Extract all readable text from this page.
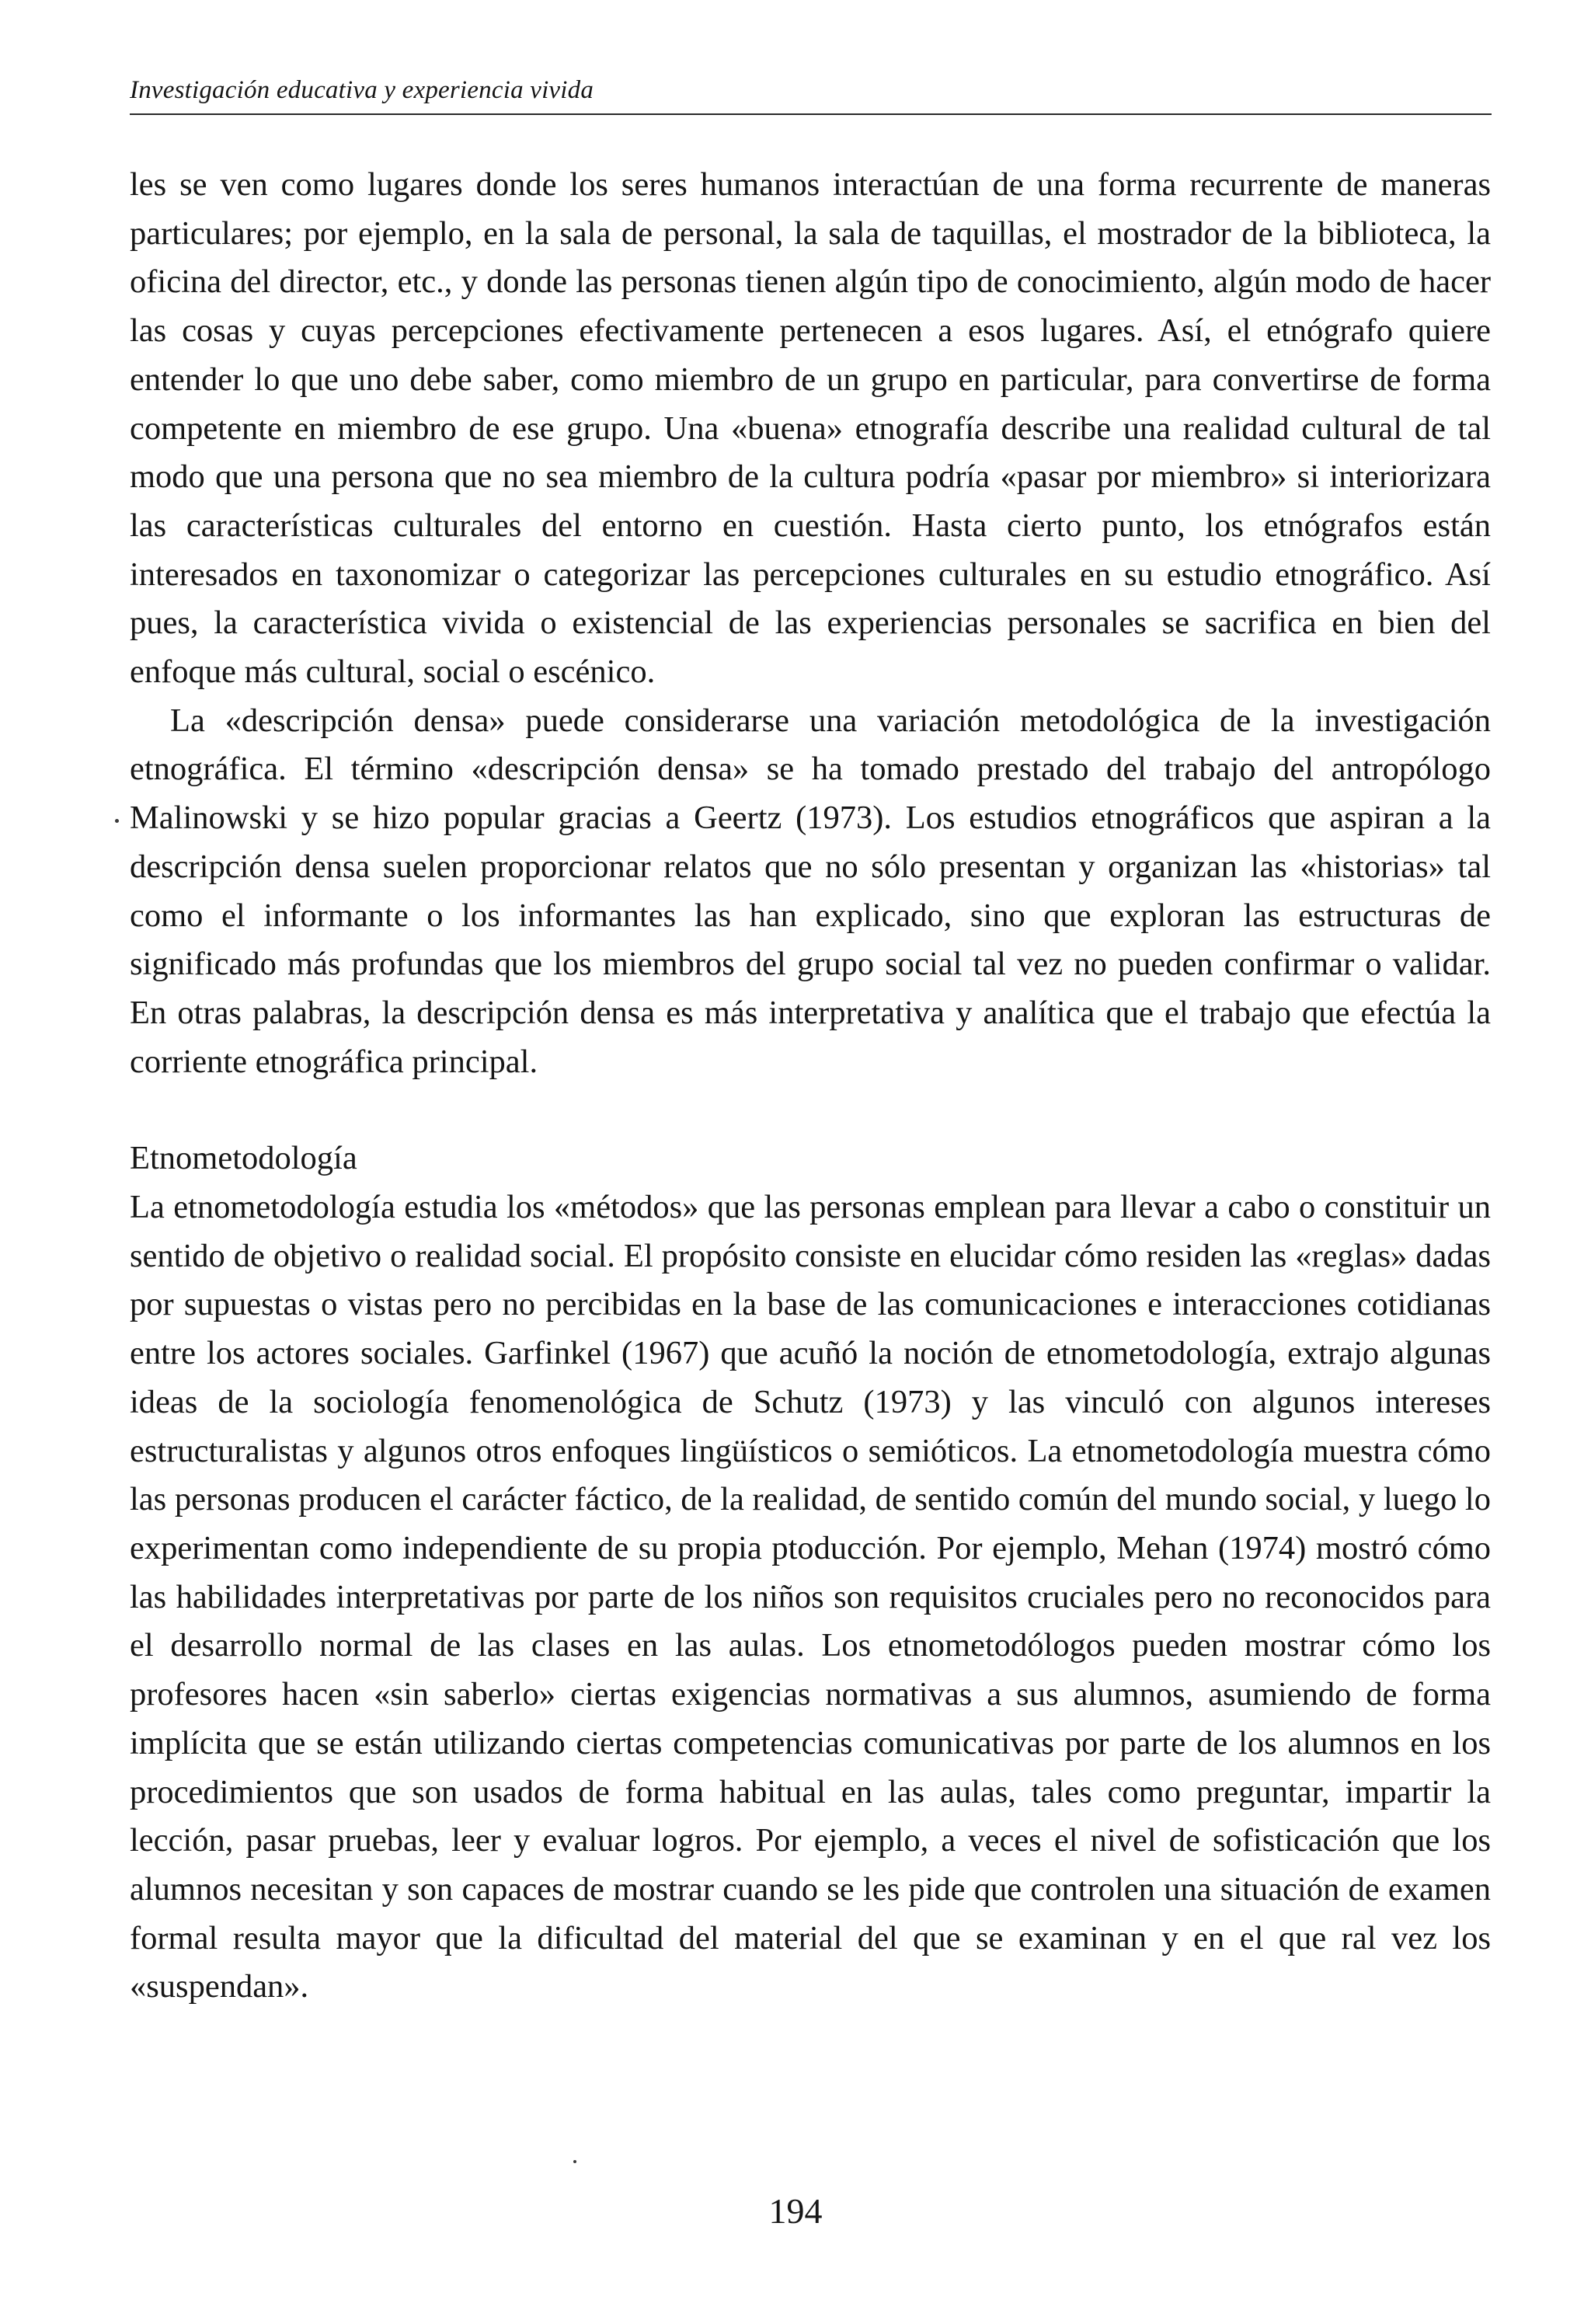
Investigación educativa y experiencia vivida

les se ven como lugares donde los seres humanos interactúan de una forma recurrente de maneras particulares; por ejemplo, en la sala de personal, la sala de taquillas, el mostrador de la biblioteca, la oficina del director, etc., y donde las personas tienen algún tipo de conocimiento, algún modo de hacer las cosas y cuyas percepciones efectivamente pertenecen a esos lugares. Así, el etnógrafo quiere entender lo que uno debe saber, como miembro de un grupo en particular, para convertirse de forma competente en miembro de ese grupo. Una «buena» etnografía describe una realidad cultural de tal modo que una persona que no sea miembro de la cultura podría «pasar por miembro» si interiorizara las características culturales del entorno en cuestión. Hasta cierto punto, los etnógrafos están interesados en taxonomizar o categorizar las percepciones culturales en su estudio etnográfico. Así pues, la característica vivida o existencial de las experiencias personales se sacrifica en bien del enfoque más cultural, social o escénico.

La «descripción densa» puede considerarse una variación metodológica de la investigación etnográfica. El término «descripción densa» se ha tomado prestado del trabajo del antropólogo Malinowski y se hizo popular gracias a Geertz (1973). Los estudios etnográficos que aspiran a la descripción densa suelen proporcionar relatos que no sólo presentan y organizan las «historias» tal como el informante o los informantes las han explicado, sino que exploran las estructuras de significado más profundas que los miembros del grupo social tal vez no pueden confirmar o validar. En otras palabras, la descripción densa es más interpretativa y analítica que el trabajo que efectúa la corriente etnográfica principal.

Etnometodología

La etnometodología estudia los «métodos» que las personas emplean para llevar a cabo o constituir un sentido de objetivo o realidad social. El propósito consiste en elucidar cómo residen las «reglas» dadas por supuestas o vistas pero no percibidas en la base de las comunicaciones e interacciones cotidianas entre los actores sociales. Garfinkel (1967) que acuñó la noción de etnometodología, extrajo algunas ideas de la sociología fenomenológica de Schutz (1973) y las vinculó con algunos intereses estructuralistas y algunos otros enfoques lingüísticos o semióticos. La etnometodología muestra cómo las personas producen el carácter fáctico, de la realidad, de sentido común del mundo social, y luego lo experimentan como independiente de su propia ptoducción. Por ejemplo, Mehan (1974) mostró cómo las habilidades interpretativas por parte de los niños son requisitos cruciales pero no reconocidos para el desarrollo normal de las clases en las aulas. Los etnometodólogos pueden mostrar cómo los profesores hacen «sin saberlo» ciertas exigencias normativas a sus alumnos, asumiendo de forma implícita que se están utilizando ciertas competencias comunicativas por parte de los alumnos en los procedimientos que son usados de forma habitual en las aulas, tales como preguntar, impartir la lección, pasar pruebas, leer y evaluar logros. Por ejemplo, a veces el nivel de sofisticación que los alumnos necesitan y son capaces de mostrar cuando se les pide que controlen una situación de examen formal resulta mayor que la dificultad del material del que se examinan y en el que ral vez los «suspendan».

194
